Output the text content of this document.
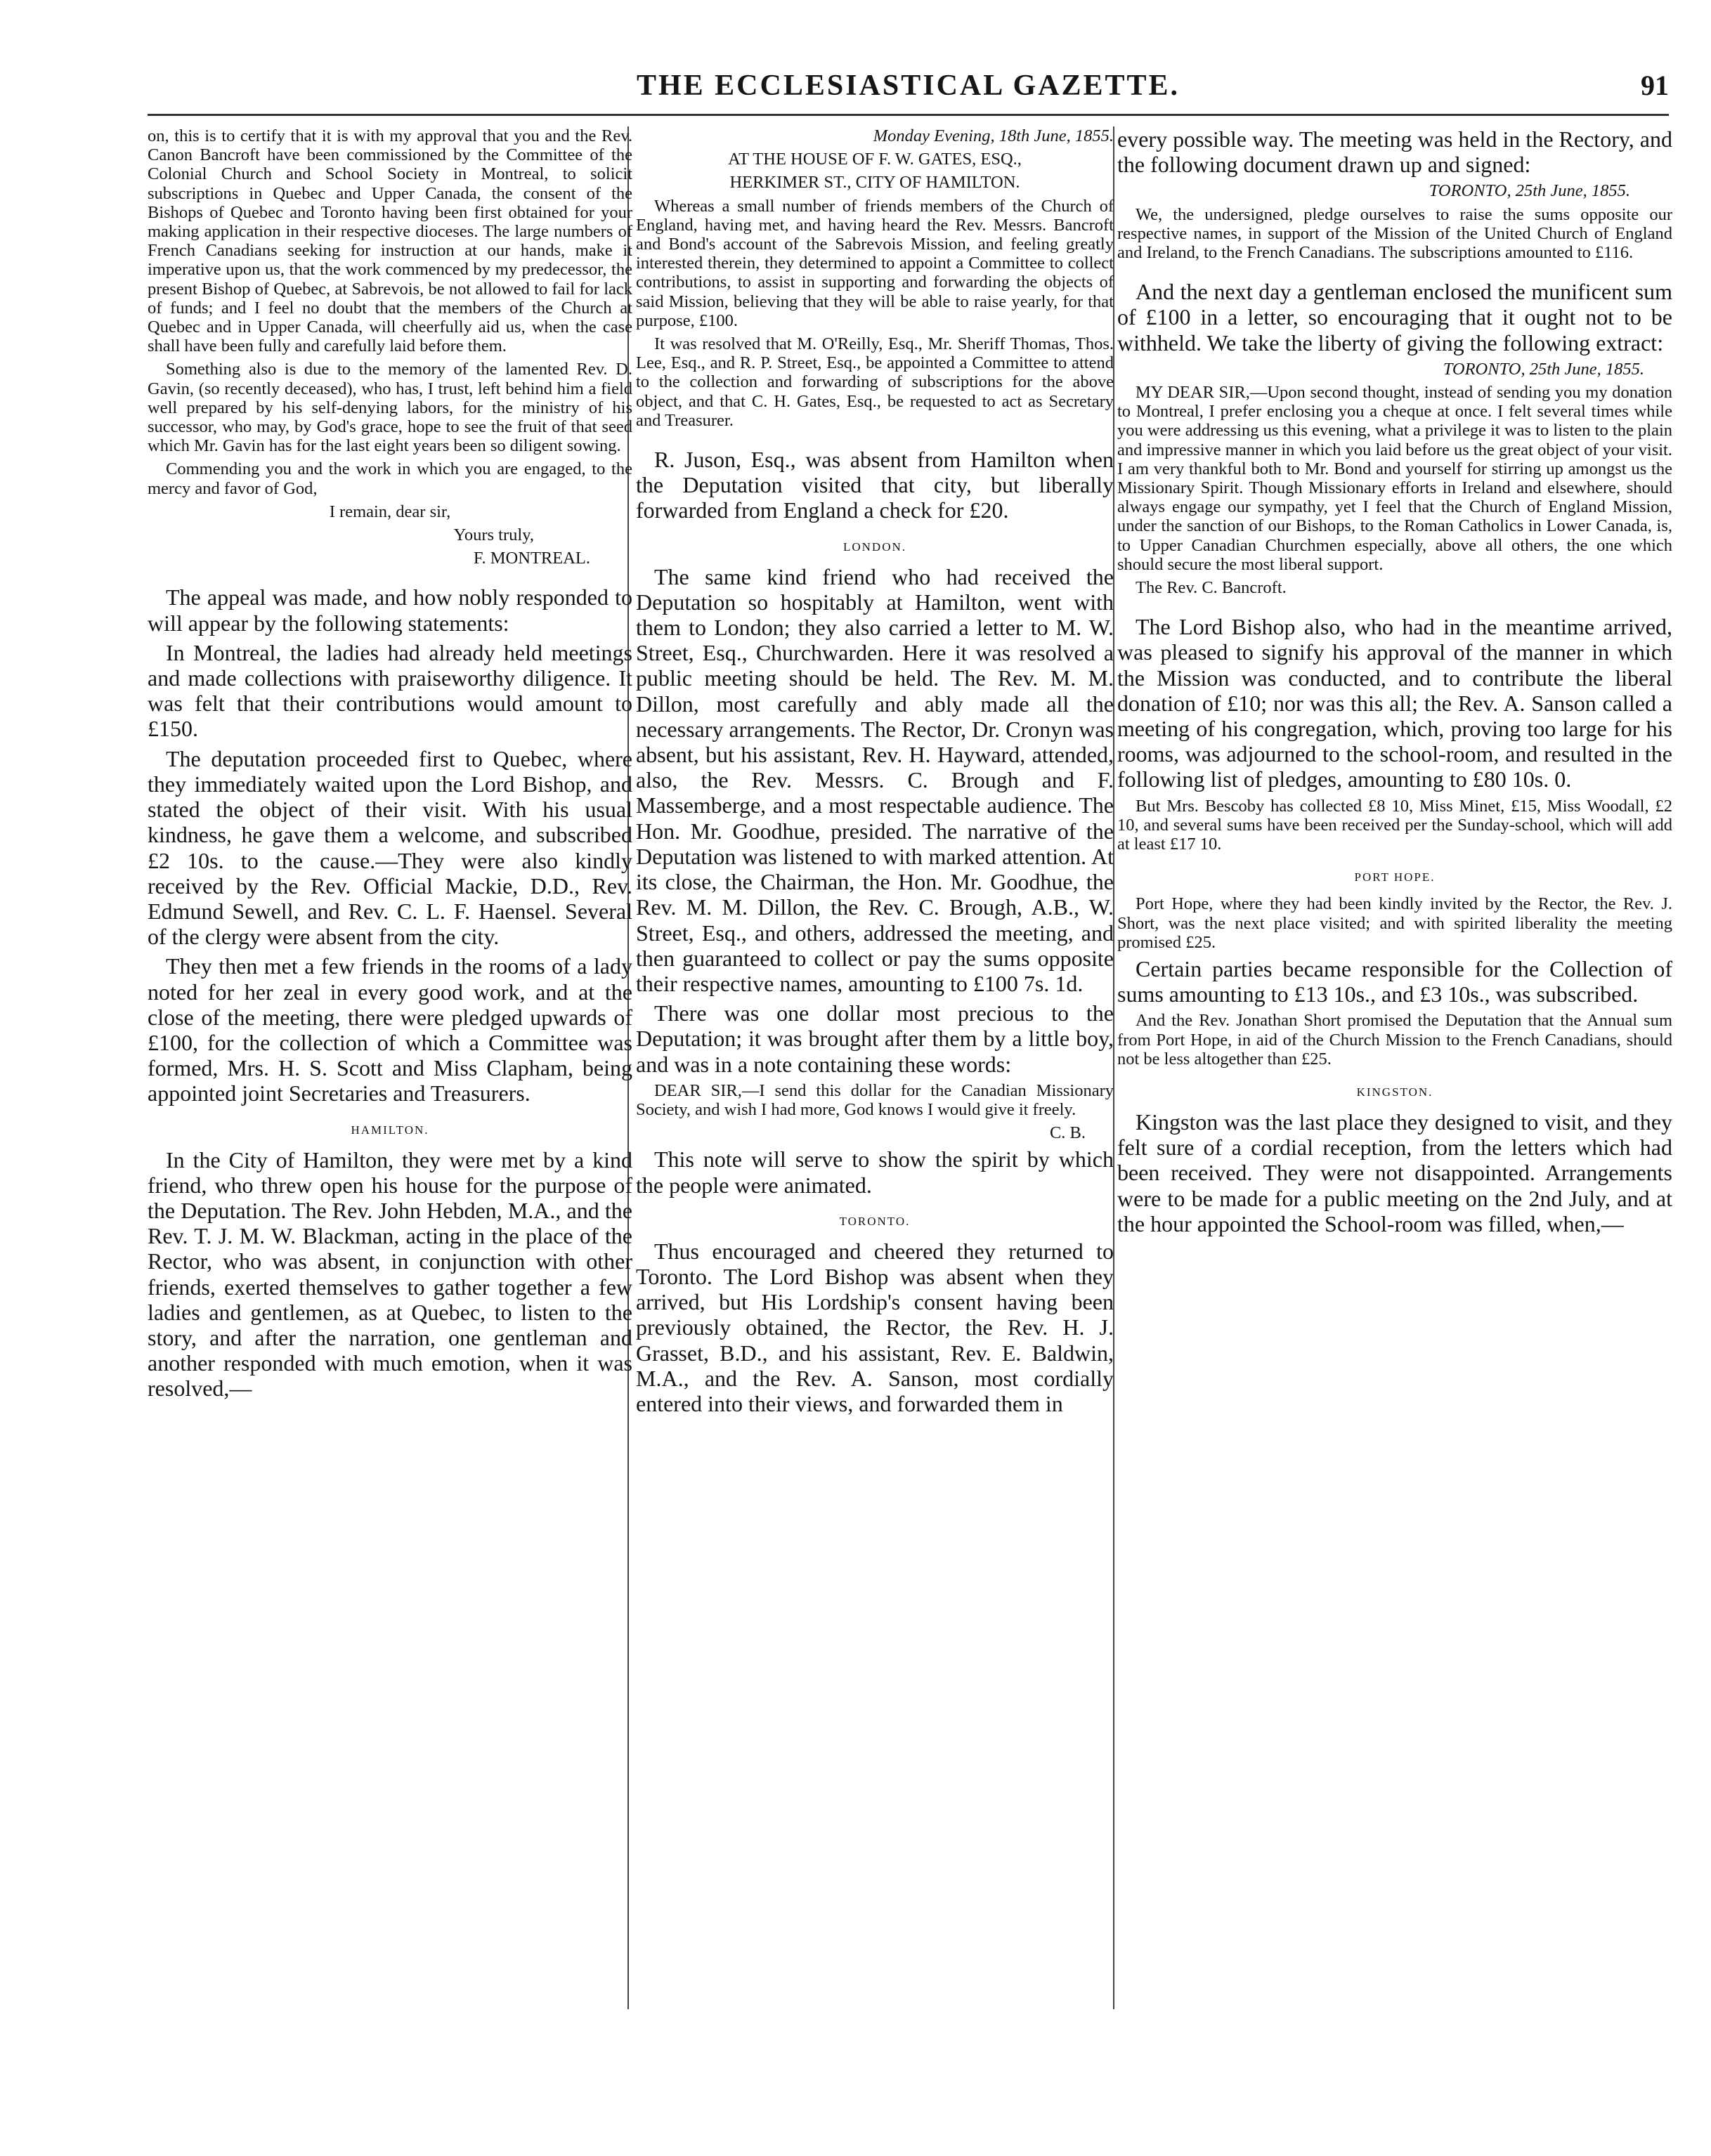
THE ECCLESIASTICAL GAZETTE.	91

on, this is to certify that it is with my approval that you and the Rev. Canon Bancroft have been commissioned by the Committee of the Colonial Church and School Society in Montreal, to solicit subscriptions in Quebec and Upper Canada, the consent of the Bishops of Quebec and Toronto having been first obtained for your making application in their respective dioceses. The large numbers of French Canadians seeking for instruction at our hands, make it imperative upon us, that the work commenced by my predecessor, the present Bishop of Quebec, at Sabrevois, be not allowed to fail for lack of funds; and I feel no doubt that the members of the Church at Quebec and in Upper Canada, will cheerfully aid us, when the case shall have been fully and carefully laid before them.

Something also is due to the memory of the lamented Rev. D. Gavin, (so recently deceased), who has, I trust, left behind him a field well prepared by his self-denying labors, for the ministry of his successor, who may, by God's grace, hope to see the fruit of that seed which Mr. Gavin has for the last eight years been so diligent sowing.

Commending you and the work in which you are engaged, to the mercy and favor of God,

I remain, dear sir,

Yours truly,

F. MONTREAL.

The appeal was made, and how nobly responded to will appear by the following statements:

In Montreal, the ladies had already held meetings and made collections with praiseworthy diligence. It was felt that their contributions would amount to £150.

The deputation proceeded first to Quebec, where they immediately waited upon the Lord Bishop, and stated the object of their visit. With his usual kindness, he gave them a welcome, and subscribed £2 10s. to the cause.—They were also kindly received by the Rev. Official Mackie, D.D., Rev. Edmund Sewell, and Rev. C. L. F. Haensel. Several of the clergy were absent from the city.

They then met a few friends in the rooms of a lady noted for her zeal in every good work, and at the close of the meeting, there were pledged upwards of £100, for the collection of which a Committee was formed, Mrs. H. S. Scott and Miss Clapham, being appointed joint Secretaries and Treasurers.

HAMILTON.

In the City of Hamilton, they were met by a kind friend, who threw open his house for the purpose of the Deputation. The Rev. John Hebden, M.A., and the Rev. T. J. M. W. Blackman, acting in the place of the Rector, who was absent, in conjunction with other friends, exerted themselves to gather together a few ladies and gentlemen, as at Quebec, to listen to the story, and after the narration, one gentleman and another responded with much emotion, when it was resolved,—

Monday Evening, 18th June, 1855.

AT THE HOUSE OF F. W. GATES, ESQ.,

HERKIMER ST., CITY OF HAMILTON.

Whereas a small number of friends members of the Church of England, having met, and having heard the Rev. Messrs. Bancroft and Bond's account of the Sabrevois Mission, and feeling greatly interested therein, they determined to appoint a Committee to collect contributions, to assist in supporting and forwarding the objects of said Mission, believing that they will be able to raise yearly, for that purpose, £100.

It was resolved that M. O'Reilly, Esq., Mr. Sheriff Thomas, Thos. Lee, Esq., and R. P. Street, Esq., be appointed a Committee to attend to the collection and forwarding of subscriptions for the above object, and that C. H. Gates, Esq., be requested to act as Secretary and Treasurer.

R. Juson, Esq., was absent from Hamilton when the Deputation visited that city, but liberally forwarded from England a check for £20.

LONDON.

The same kind friend who had received the Deputation so hospitably at Hamilton, went with them to London; they also carried a letter to M. W. Street, Esq., Churchwarden. Here it was resolved a public meeting should be held. The Rev. M. M. Dillon, most carefully and ably made all the necessary arrangements. The Rector, Dr. Cronyn was absent, but his assistant, Rev. H. Hayward, attended, also, the Rev. Messrs. C. Brough and F. Massemberge, and a most respectable audience. The Hon. Mr. Goodhue, presided. The narrative of the Deputation was listened to with marked attention. At its close, the Chairman, the Hon. Mr. Goodhue, the Rev. M. M. Dillon, the Rev. C. Brough, A.B., W. Street, Esq., and others, addressed the meeting, and then guaranteed to collect or pay the sums opposite their respective names, amounting to £100 7s. 1d.

There was one dollar most precious to the Deputation; it was brought after them by a little boy, and was in a note containing these words:

DEAR SIR,—I send this dollar for the Canadian Missionary Society, and wish I had more, God knows I would give it freely.

C. B.

This note will serve to show the spirit by which the people were animated.

TORONTO.

Thus encouraged and cheered they returned to Toronto. The Lord Bishop was absent when they arrived, but His Lordship's consent having been previously obtained, the Rector, the Rev. H. J. Grasset, B.D., and his assistant, Rev. E. Baldwin, M.A., and the Rev. A. Sanson, most cordially entered into their views, and forwarded them in

every possible way. The meeting was held in the Rectory, and the following document drawn up and signed:

TORONTO, 25th June, 1855.

We, the undersigned, pledge ourselves to raise the sums opposite our respective names, in support of the Mission of the United Church of England and Ireland, to the French Canadians. The subscriptions amounted to £116.

And the next day a gentleman enclosed the munificent sum of £100 in a letter, so encouraging that it ought not to be withheld. We take the liberty of giving the following extract:

TORONTO, 25th June, 1855.

MY DEAR SIR,—Upon second thought, instead of sending you my donation to Montreal, I prefer enclosing you a cheque at once. I felt several times while you were addressing us this evening, what a privilege it was to listen to the plain and impressive manner in which you laid before us the great object of your visit. I am very thankful both to Mr. Bond and yourself for stirring up amongst us the Missionary Spirit. Though Missionary efforts in Ireland and elsewhere, should always engage our sympathy, yet I feel that the Church of England Mission, under the sanction of our Bishops, to the Roman Catholics in Lower Canada, is, to Upper Canadian Churchmen especially, above all others, the one which should secure the most liberal support.

The Rev. C. Bancroft.

The Lord Bishop also, who had in the meantime arrived, was pleased to signify his approval of the manner in which the Mission was conducted, and to contribute the liberal donation of £10; nor was this all; the Rev. A. Sanson called a meeting of his congregation, which, proving too large for his rooms, was adjourned to the school-room, and resulted in the following list of pledges, amounting to £80 10s. 0.

But Mrs. Bescoby has collected £8 10, Miss Minet, £15, Miss Woodall, £2 10, and several sums have been received per the Sunday-school, which will add at least £17 10.

PORT HOPE.

Port Hope, where they had been kindly invited by the Rector, the Rev. J. Short, was the next place visited; and with spirited liberality the meeting promised £25.

Certain parties became responsible for the Collection of sums amounting to £13 10s., and £3 10s., was subscribed.

And the Rev. Jonathan Short promised the Deputation that the Annual sum from Port Hope, in aid of the Church Mission to the French Canadians, should not be less altogether than £25.

KINGSTON.

Kingston was the last place they designed to visit, and they felt sure of a cordial reception, from the letters which had been received. They were not disappointed. Arrangements were to be made for a public meeting on the 2nd July, and at the hour appointed the School-room was filled, when,—
